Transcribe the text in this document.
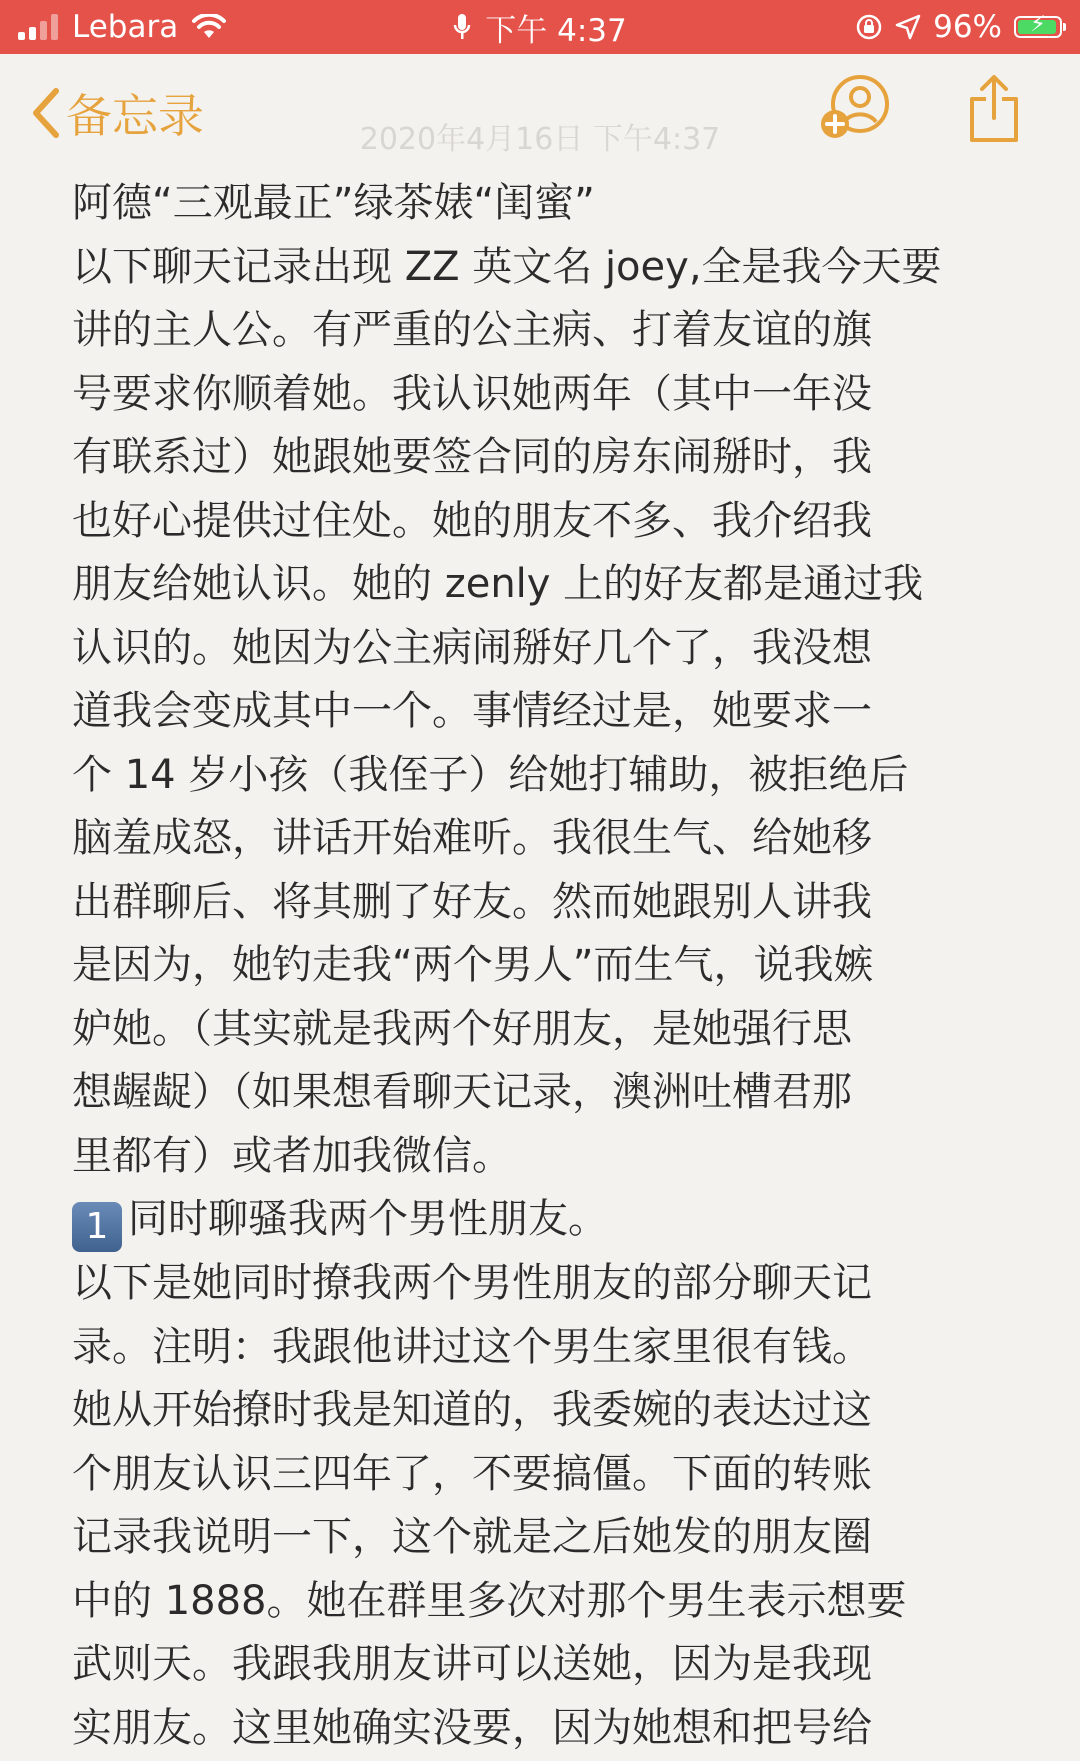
Lebara	下午 4:37	96%	⚡
备忘录	2020年4月16日 下午4:37
阿德“三观最正”绿茶婊“闺蜜”
以下聊天记录出现 ZZ 英文名 joey,全是我今天要
讲的主人公。有严重的公主病、打着友谊的旗
号要求你顺着她。我认识她两年（其中一年没
有联系过）她跟她要签合同的房东闹掰时，我
也好心提供过住处。她的朋友不多、我介绍我
朋友给她认识。她的 zenly 上的好友都是通过我
认识的。她因为公主病闹掰好几个了，我没想
道我会变成其中一个。事情经过是，她要求一
个 14 岁小孩（我侄子）给她打辅助，被拒绝后
脑羞成怒，讲话开始难听。我很生气、给她移
出群聊后、将其删了好友。然而她跟别人讲我
是因为，她钓走我“两个男人”而生气，说我嫉
妒她。（其实就是我两个好朋友，是她强行思
想龌龊）（如果想看聊天记录，澳洲吐槽君那
里都有）或者加我微信。
1 同时聊骚我两个男性朋友。
以下是她同时撩我两个男性朋友的部分聊天记
录。注明：我跟他讲过这个男生家里很有钱。
她从开始撩时我是知道的，我委婉的表达过这
个朋友认识三四年了，不要搞僵。下面的转账
记录我说明一下，这个就是之后她发的朋友圈
中的 1888。她在群里多次对那个男生表示想要
武则天。我跟我朋友讲可以送她，因为是我现
实朋友。这里她确实没要，因为她想和把号给
